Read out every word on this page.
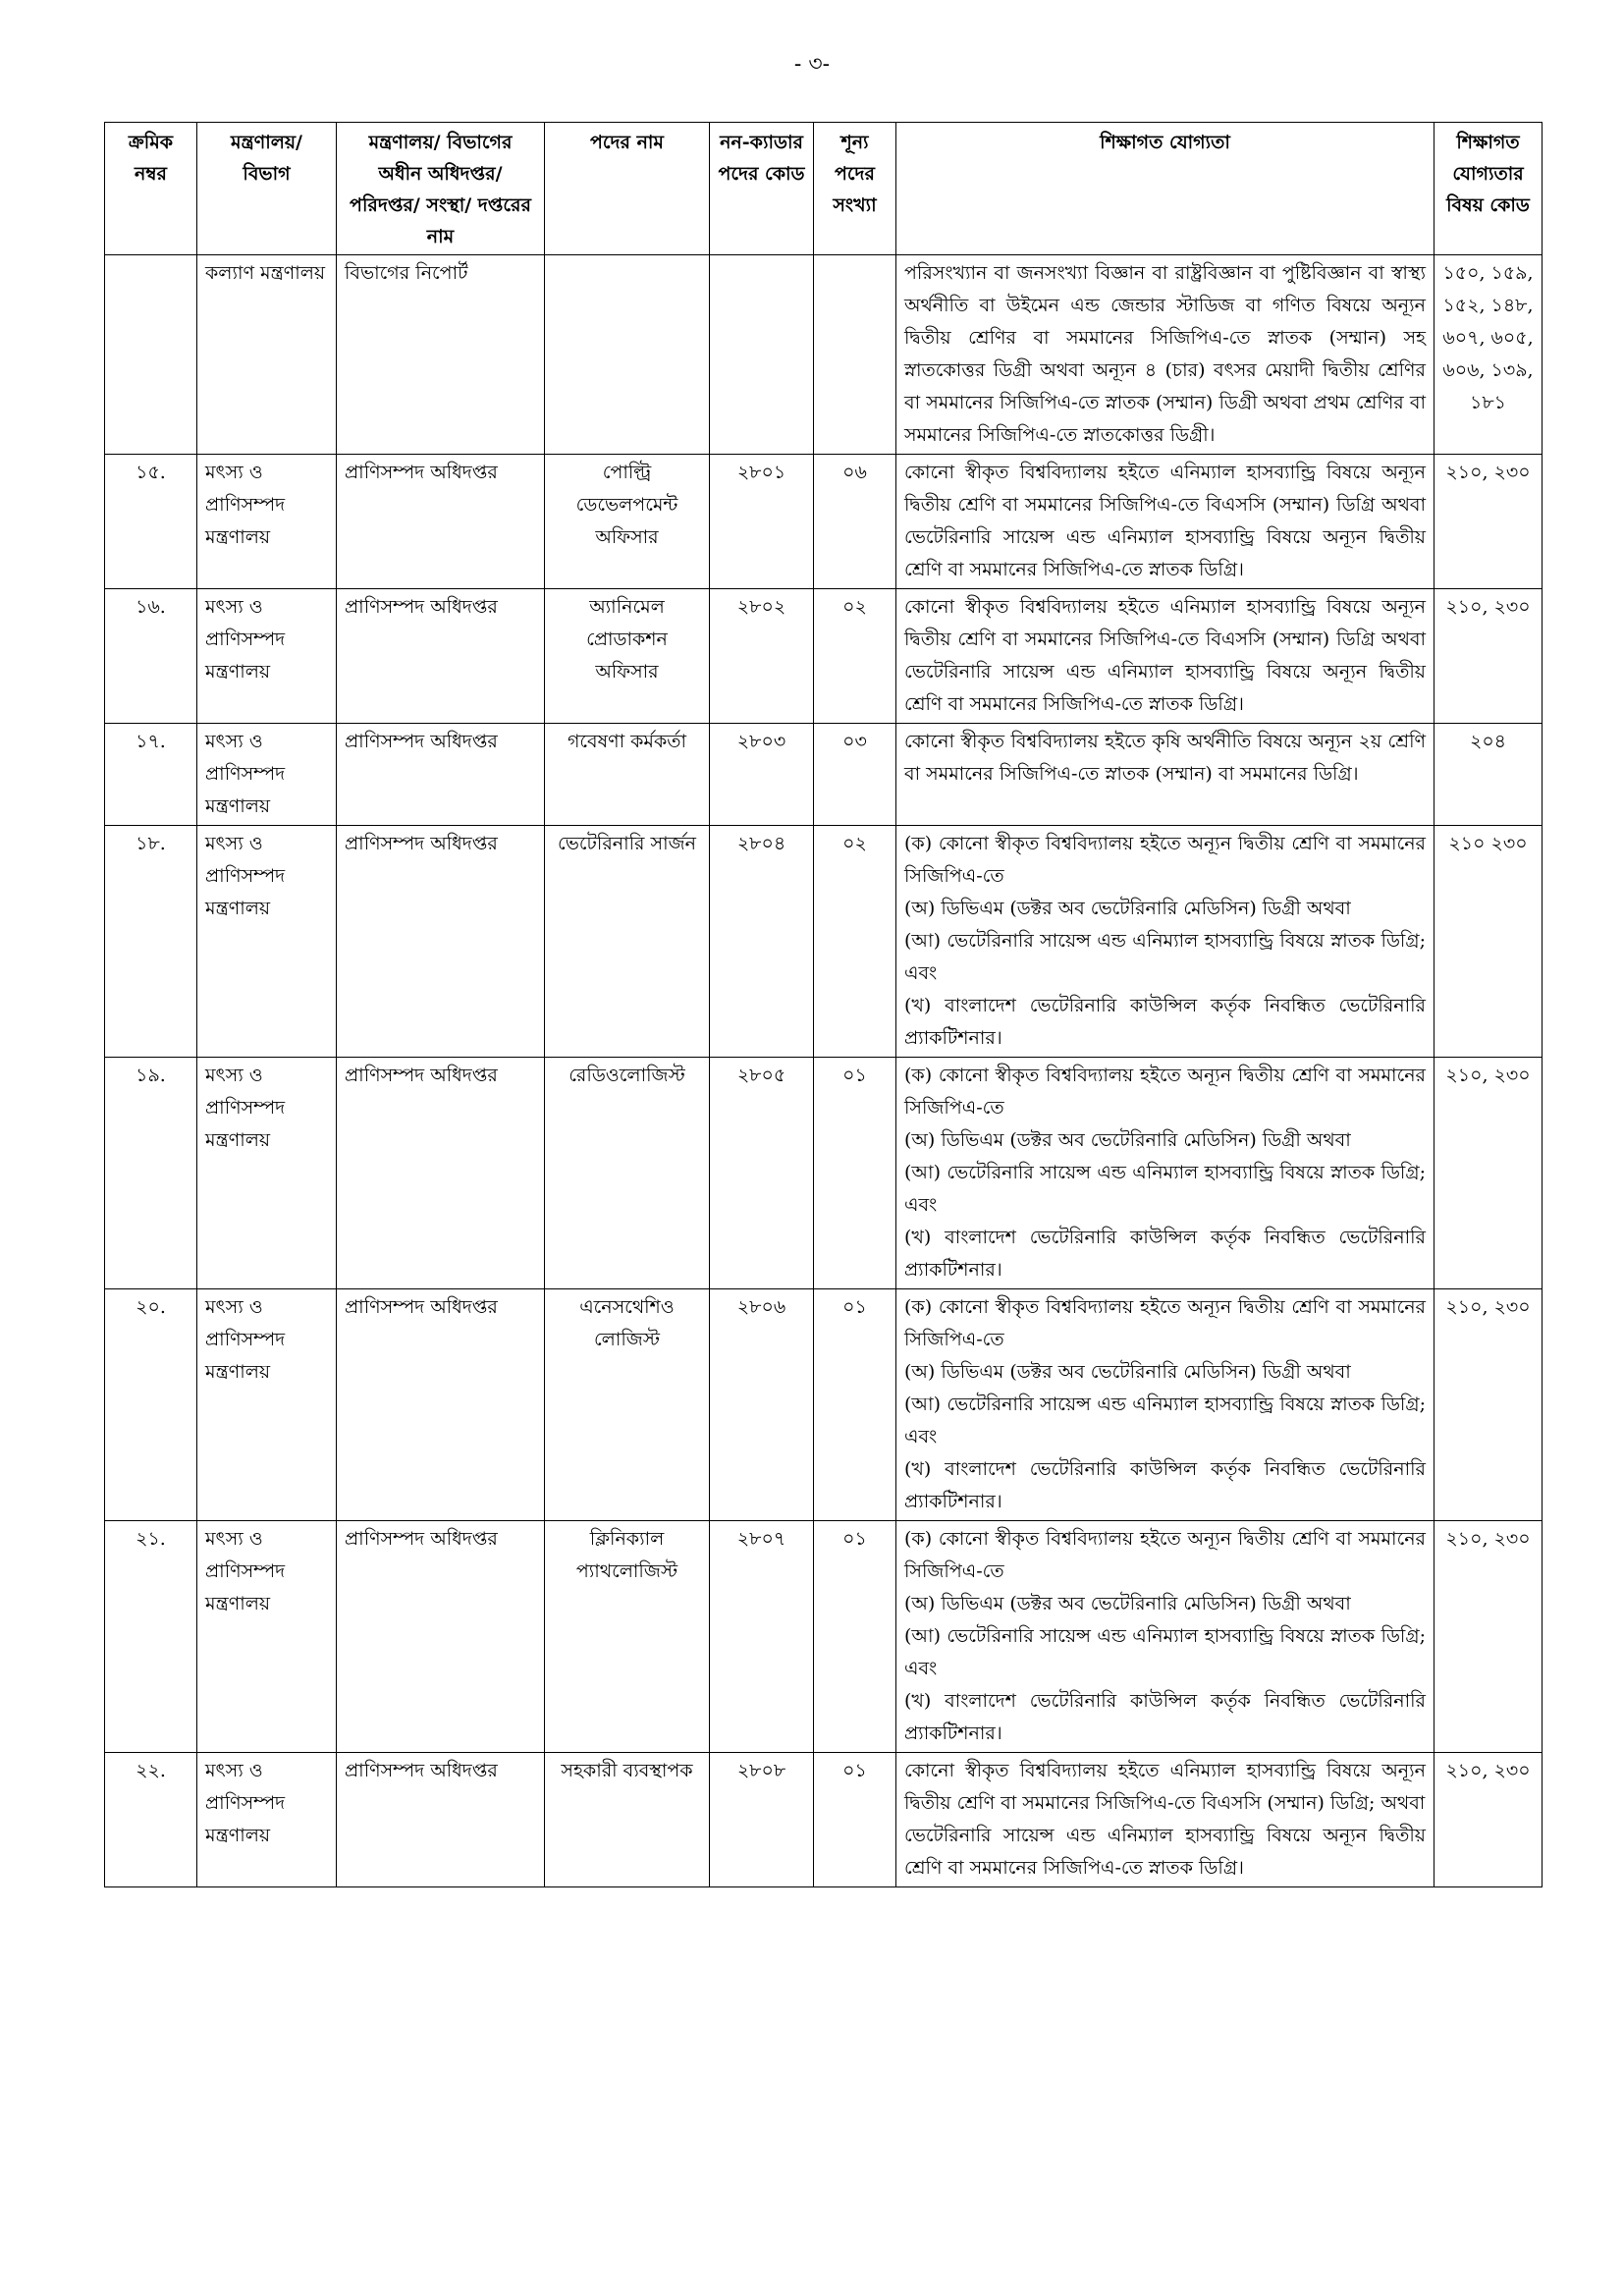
- ৩-
ক্রমিক নম্বর	মন্ত্রণালয়/ বিভাগ	মন্ত্রণালয়/ বিভাগের অধীন অধিদপ্তর/ পরিদপ্তর/ সংস্থা/ দপ্তরের নাম	পদের নাম	নন-ক্যাডার পদের কোড	শূন্য পদের সংখ্যা	শিক্ষাগত যোগ্যতা	শিক্ষাগত যোগ্যতার বিষয় কোড
	কল্যাণ মন্ত্রণালয়	বিভাগের নিপোর্ট				পরিসংখ্যান বা জনসংখ্যা বিজ্ঞান বা রাষ্ট্রবিজ্ঞান বা পুষ্টিবিজ্ঞান বা স্বাস্থ্য অর্থনীতি বা উইমেন এন্ড জেন্ডার স্টাডিজ বা গণিত বিষয়ে অন্যূন দ্বিতীয় শ্রেণির বা সমমানের সিজিপিএ-তে স্নাতক (সম্মান) সহ স্নাতকোত্তর ডিগ্রী অথবা অন্যূন ৪ (চার) বৎসর মেয়াদী দ্বিতীয় শ্রেণির বা সমমানের সিজিপিএ-তে স্নাতক (সম্মান) ডিগ্রী অথবা প্রথম শ্রেণির বা সমমানের সিজিপিএ-তে স্নাতকোত্তর ডিগ্রী।	১৫০, ১৫৯, ১৫২, ১৪৮, ৬০৭, ৬০৫, ৬০৬, ১৩৯, ১৮১
১৫.	মৎস্য ও প্রাণিসম্পদ মন্ত্রণালয়	প্রাণিসম্পদ অধিদপ্তর	পোল্ট্রি ডেভেলপমেন্ট অফিসার	২৮০১	০৬	কোনো স্বীকৃত বিশ্ববিদ্যালয় হইতে এনিম্যাল হাসব্যান্ড্রি বিষয়ে অন্যূন দ্বিতীয় শ্রেণি বা সমমানের সিজিপিএ-তে বিএসসি (সম্মান) ডিগ্রি অথবা ভেটেরিনারি সায়েন্স এন্ড এনিম্যাল হাসব্যান্ড্রি বিষয়ে অন্যূন দ্বিতীয় শ্রেণি বা সমমানের সিজিপিএ-তে স্নাতক ডিগ্রি।	২১০, ২৩০
১৬.	মৎস্য ও প্রাণিসম্পদ মন্ত্রণালয়	প্রাণিসম্পদ অধিদপ্তর	অ্যানিমেল প্রোডাকশন অফিসার	২৮০২	০২	কোনো স্বীকৃত বিশ্ববিদ্যালয় হইতে এনিম্যাল হাসব্যান্ড্রি বিষয়ে অন্যূন দ্বিতীয় শ্রেণি বা সমমানের সিজিপিএ-তে বিএসসি (সম্মান) ডিগ্রি অথবা ভেটেরিনারি সায়েন্স এন্ড এনিম্যাল হাসব্যান্ড্রি বিষয়ে অন্যূন দ্বিতীয় শ্রেণি বা সমমানের সিজিপিএ-তে স্নাতক ডিগ্রি।	২১০, ২৩০
১৭.	মৎস্য ও প্রাণিসম্পদ মন্ত্রণালয়	প্রাণিসম্পদ অধিদপ্তর	গবেষণা কর্মকর্তা	২৮০৩	০৩	কোনো স্বীকৃত বিশ্ববিদ্যালয় হইতে কৃষি অর্থনীতি বিষয়ে অন্যূন ২য় শ্রেণি বা সমমানের সিজিপিএ-তে স্নাতক (সম্মান) বা সমমানের ডিগ্রি।	২০৪
১৮.	মৎস্য ও প্রাণিসম্পদ মন্ত্রণালয়	প্রাণিসম্পদ অধিদপ্তর	ভেটেরিনারি সার্জন	২৮০৪	০২	(ক) কোনো স্বীকৃত বিশ্ববিদ্যালয় হইতে অন্যূন দ্বিতীয় শ্রেণি বা সমমানের সিজিপিএ-তে
(অ) ডিভিএম (ডক্টর অব ভেটেরিনারি মেডিসিন) ডিগ্রী অথবা
(আ) ভেটেরিনারি সায়েন্স এন্ড এনিম্যাল হাসব্যান্ড্রি বিষয়ে স্নাতক ডিগ্রি; এবং
(খ) বাংলাদেশ ভেটেরিনারি কাউন্সিল কর্তৃক নিবন্ধিত ভেটেরিনারি প্র্যাকটিশনার।	২১০ ২৩০
১৯.	মৎস্য ও প্রাণিসম্পদ মন্ত্রণালয়	প্রাণিসম্পদ অধিদপ্তর	রেডিওলোজিস্ট	২৮০৫	০১	(ক) কোনো স্বীকৃত বিশ্ববিদ্যালয় হইতে অন্যূন দ্বিতীয় শ্রেণি বা সমমানের সিজিপিএ-তে
(অ) ডিভিএম (ডক্টর অব ভেটেরিনারি মেডিসিন) ডিগ্রী অথবা
(আ) ভেটেরিনারি সায়েন্স এন্ড এনিম্যাল হাসব্যান্ড্রি বিষয়ে স্নাতক ডিগ্রি; এবং
(খ) বাংলাদেশ ভেটেরিনারি কাউন্সিল কর্তৃক নিবন্ধিত ভেটেরিনারি প্র্যাকটিশনার।	২১০, ২৩০
২০.	মৎস্য ও প্রাণিসম্পদ মন্ত্রণালয়	প্রাণিসম্পদ অধিদপ্তর	এনেসথেশিও লোজিস্ট	২৮০৬	০১	(ক) কোনো স্বীকৃত বিশ্ববিদ্যালয় হইতে অন্যূন দ্বিতীয় শ্রেণি বা সমমানের সিজিপিএ-তে
(অ) ডিভিএম (ডক্টর অব ভেটেরিনারি মেডিসিন) ডিগ্রী অথবা
(আ) ভেটেরিনারি সায়েন্স এন্ড এনিম্যাল হাসব্যান্ড্রি বিষয়ে স্নাতক ডিগ্রি; এবং
(খ) বাংলাদেশ ভেটেরিনারি কাউন্সিল কর্তৃক নিবন্ধিত ভেটেরিনারি প্র্যাকটিশনার।	২১০, ২৩০
২১.	মৎস্য ও প্রাণিসম্পদ মন্ত্রণালয়	প্রাণিসম্পদ অধিদপ্তর	ক্লিনিক্যাল প্যাথলোজিস্ট	২৮০৭	০১	(ক) কোনো স্বীকৃত বিশ্ববিদ্যালয় হইতে অন্যূন দ্বিতীয় শ্রেণি বা সমমানের সিজিপিএ-তে
(অ) ডিভিএম (ডক্টর অব ভেটেরিনারি মেডিসিন) ডিগ্রী অথবা
(আ) ভেটেরিনারি সায়েন্স এন্ড এনিম্যাল হাসব্যান্ড্রি বিষয়ে স্নাতক ডিগ্রি; এবং
(খ) বাংলাদেশ ভেটেরিনারি কাউন্সিল কর্তৃক নিবন্ধিত ভেটেরিনারি প্র্যাকটিশনার।	২১০, ২৩০
২২.	মৎস্য ও প্রাণিসম্পদ মন্ত্রণালয়	প্রাণিসম্পদ অধিদপ্তর	সহকারী ব্যবস্থাপক	২৮০৮	০১	কোনো স্বীকৃত বিশ্ববিদ্যালয় হইতে এনিম্যাল হাসব্যান্ড্রি বিষয়ে অন্যূন দ্বিতীয় শ্রেণি বা সমমানের সিজিপিএ-তে বিএসসি (সম্মান) ডিগ্রি; অথবা
ভেটেরিনারি সায়েন্স এন্ড এনিম্যাল হাসব্যান্ড্রি বিষয়ে অন্যূন দ্বিতীয় শ্রেণি বা সমমানের সিজিপিএ-তে স্নাতক ডিগ্রি।	২১০, ২৩০
